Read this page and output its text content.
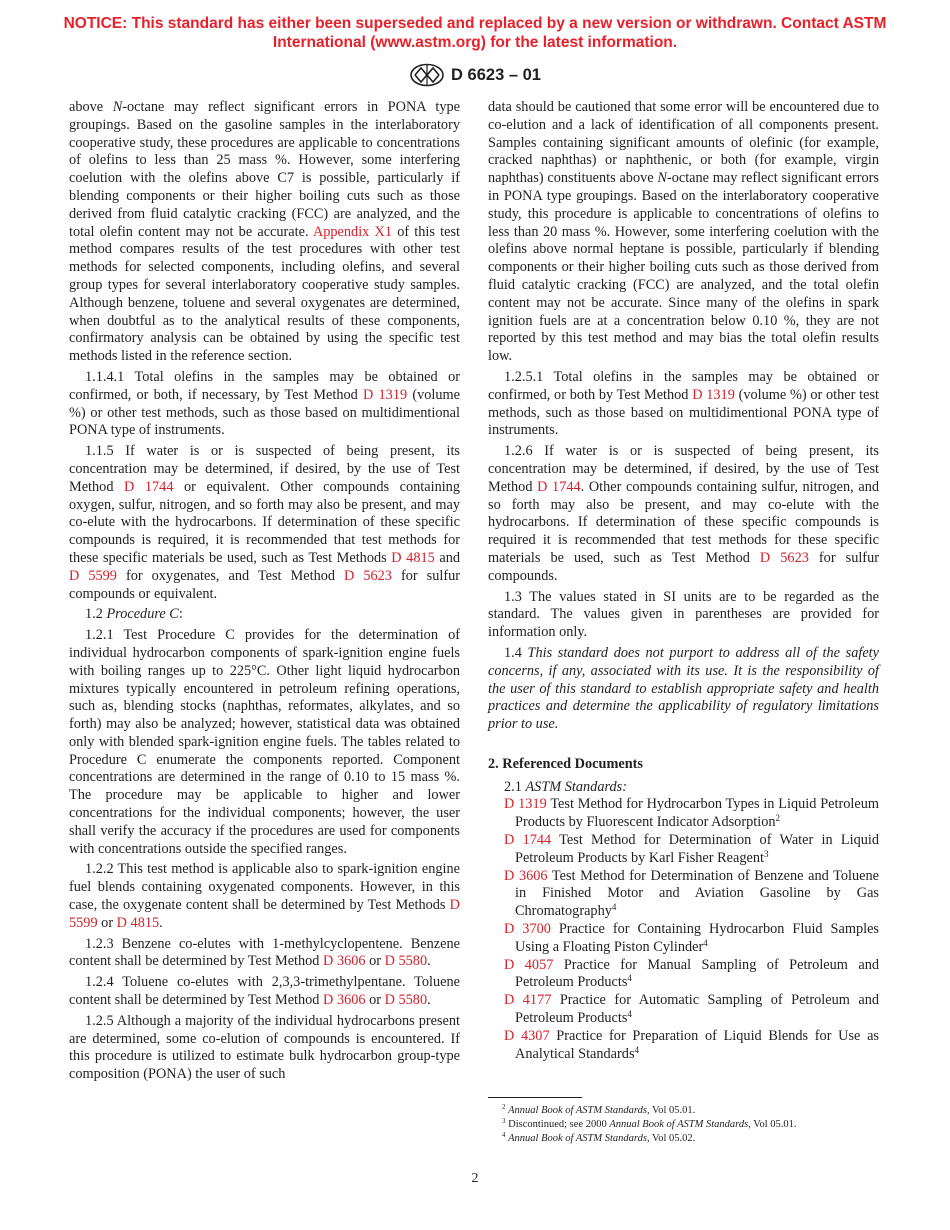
NOTICE: This standard has either been superseded and replaced by a new version or withdrawn. Contact ASTM
International (www.astm.org) for the latest information.
D 6623 – 01

above N-octane may reflect significant errors in PONA type groupings. Based on the gasoline samples in the interlaboratory cooperative study, these procedures are applicable to concentrations of olefins to less than 25 mass %. However, some interfering coelution with the olefins above C7 is possible, particularly if blending components or their higher boiling cuts such as those derived from fluid catalytic cracking (FCC) are analyzed, and the total olefin content may not be accurate. Appendix X1 of this test method compares results of the test procedures with other test methods for selected components, including olefins, and several group types for several interlaboratory cooperative study samples. Although benzene, toluene and several oxygenates are determined, when doubtful as to the analytical results of these components, confirmatory analysis can be obtained by using the specific test methods listed in the reference section.

1.1.4.1 Total olefins in the samples may be obtained or confirmed, or both, if necessary, by Test Method D 1319 (volume %) or other test methods, such as those based on multidimentional PONA type of instruments.

1.1.5 If water is or is suspected of being present, its concentration may be determined, if desired, by the use of Test Method D 1744 or equivalent. Other compounds containing oxygen, sulfur, nitrogen, and so forth may also be present, and may co-elute with the hydrocarbons. If determination of these specific compounds is required, it is recommended that test methods for these specific materials be used, such as Test Methods D 4815 and D 5599 for oxygenates, and Test Method D 5623 for sulfur compounds or equivalent.

1.2 Procedure C:

1.2.1 Test Procedure C provides for the determination of individual hydrocarbon components of spark-ignition engine fuels with boiling ranges up to 225°C. Other light liquid hydrocarbon mixtures typically encountered in petroleum refining operations, such as, blending stocks (naphthas, reformates, alkylates, and so forth) may also be analyzed; however, statistical data was obtained only with blended spark-ignition engine fuels. The tables related to Procedure C enumerate the components reported. Component concentrations are determined in the range of 0.10 to 15 mass %. The procedure may be applicable to higher and lower concentrations for the individual components; however, the user shall verify the accuracy if the procedures are used for components with concentrations outside the specified ranges.

1.2.2 This test method is applicable also to spark-ignition engine fuel blends containing oxygenated components. However, in this case, the oxygenate content shall be determined by Test Methods D 5599 or D 4815.

1.2.3 Benzene co-elutes with 1-methylcyclopentene. Benzene content shall be determined by Test Method D 3606 or D 5580.

1.2.4 Toluene co-elutes with 2,3,3-trimethylpentane. Toluene content shall be determined by Test Method D 3606 or D 5580.

1.2.5 Although a majority of the individual hydrocarbons present are determined, some co-elution of compounds is encountered. If this procedure is utilized to estimate bulk hydrocarbon group-type composition (PONA) the user of such

data should be cautioned that some error will be encountered due to co-elution and a lack of identification of all components present. Samples containing significant amounts of olefinic (for example, cracked naphthas) or naphthenic, or both (for example, virgin naphthas) constituents above N-octane may reflect significant errors in PONA type groupings. Based on the interlaboratory cooperative study, this procedure is applicable to concentrations of olefins to less than 20 mass %. However, some interfering coelution with the olefins above normal heptane is possible, particularly if blending components or their higher boiling cuts such as those derived from fluid catalytic cracking (FCC) are analyzed, and the total olefin content may not be accurate. Since many of the olefins in spark ignition fuels are at a concentration below 0.10 %, they are not reported by this test method and may bias the total olefin results low.

1.2.5.1 Total olefins in the samples may be obtained or confirmed, or both by Test Method D 1319 (volume %) or other test methods, such as those based on multidimentional PONA type of instruments.

1.2.6 If water is or is suspected of being present, its concentration may be determined, if desired, by the use of Test Method D 1744. Other compounds containing sulfur, nitrogen, and so forth may also be present, and may co-elute with the hydrocarbons. If determination of these specific compounds is required it is recommended that test methods for these specific materials be used, such as Test Method D 5623 for sulfur compounds.

1.3 The values stated in SI units are to be regarded as the standard. The values given in parentheses are provided for information only.

1.4 This standard does not purport to address all of the safety concerns, if any, associated with its use. It is the responsibility of the user of this standard to establish appropriate safety and health practices and determine the applicability of regulatory limitations prior to use.

2. Referenced Documents

2.1 ASTM Standards:

D 1319 Test Method for Hydrocarbon Types in Liquid Petroleum Products by Fluorescent Indicator Adsorption$^2$

D 1744 Test Method for Determination of Water in Liquid Petroleum Products by Karl Fisher Reagent$^3$

D 3606 Test Method for Determination of Benzene and Toluene in Finished Motor and Aviation Gasoline by Gas Chromatography$^4$

D 3700 Practice for Containing Hydrocarbon Fluid Samples Using a Floating Piston Cylinder$^4$

D 4057 Practice for Manual Sampling of Petroleum and Petroleum Products$^4$

D 4177 Practice for Automatic Sampling of Petroleum and Petroleum Products$^4$

D 4307 Practice for Preparation of Liquid Blends for Use as Analytical Standards$^4$

$^2$ Annual Book of ASTM Standards, Vol 05.01.

$^3$ Discontinued; see 2000 Annual Book of ASTM Standards, Vol 05.01.

$^4$ Annual Book of ASTM Standards, Vol 05.02.

2
